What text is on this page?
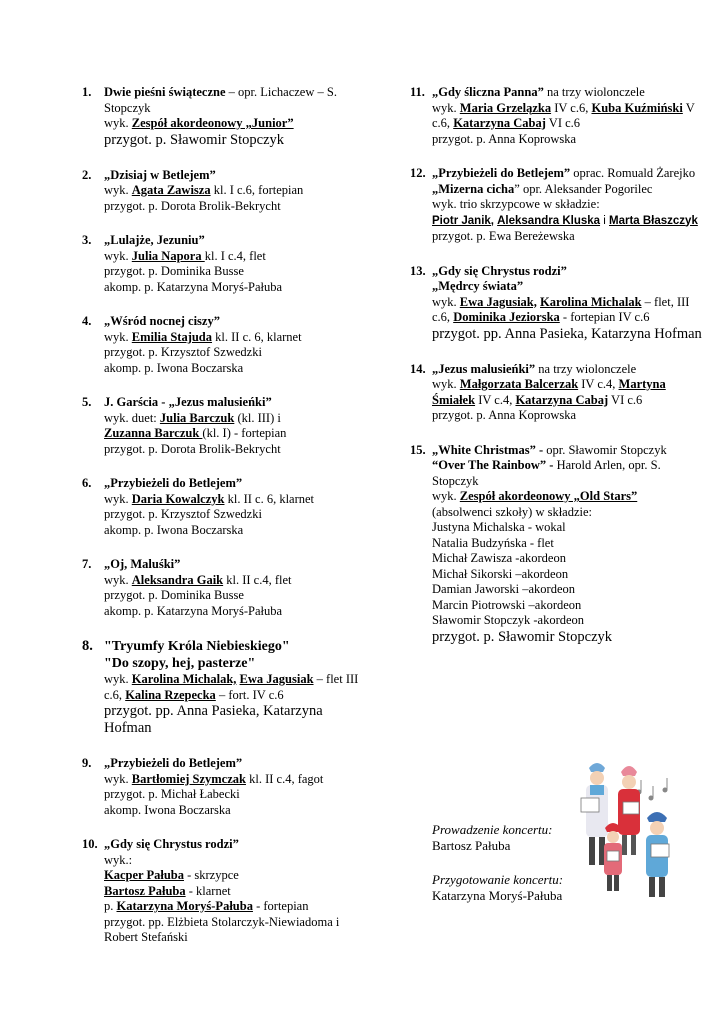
1. Dwie pieśni świąteczne – opr. Lichaczew – S. Stopczyk
wyk. Zespół akordeonowy „Junior”
przygot. p. Sławomir Stopczyk
2. „Dzisiaj w Betlejem”
wyk. Agata Zawisza kl. I c.6, fortepian
przygot. p. Dorota Brolik-Bekrycht
3. „Lulajże, Jezuniu”
wyk. Julia Napora kl. I c.4, flet
przygot. p. Dominika Busse
akomp. p. Katarzyna Moryś-Pałuba
4. „Wśród nocnej ciszy”
wyk. Emilia Stajuda kl. II c. 6, klarnet
przygot. p. Krzysztof Szwedzki
akomp. p. Iwona Boczarska
5. J. Garścia - „Jezus malusieńki”
wyk. duet: Julia Barczuk (kl. III) i
Zuzanna Barczuk (kl. I) - fortepian
przygot. p. Dorota Brolik-Bekrycht
6. „Przybieżeli do Betlejem”
wyk. Daria Kowalczyk kl. II c. 6, klarnet
przygot. p. Krzysztof Szwedzki
akomp. p. Iwona Boczarska
7. „Oj, Maluśki”
wyk. Aleksandra Gaik kl. II c.4, flet
przygot. p. Dominika Busse
akomp. p. Katarzyna Moryś-Pałuba
8. "Tryumfy Króla Niebieskiego"
"Do szopy, hej, pasterze"
wyk. Karolina Michalak, Ewa Jagusiak – flet III c.6, Kalina Rzepecka – fort. IV c.6
przygot. pp. Anna Pasieka, Katarzyna Hofman
9. „Przybieżeli do Betlejem”
wyk. Bartłomiej Szymczak kl. II c.4, fagot
przygot. p. Michał Łabecki
akomp. Iwona Boczarska
10. „Gdy się Chrystus rodzi”
wyk.:
Kacper Pałuba - skrzypce
Bartosz Pałuba - klarnet
p. Katarzyna Moryś-Pałuba - fortepian
przygot. pp. Elżbieta Stolarczyk-Niewiadoma i Robert Stefański
11. „Gdy śliczna Panna” na trzy wiolonczele
wyk. Maria Grzelązka IV c.6, Kuba Kuźmiński V c.6, Katarzyna Cabaj VI c.6
przygot. p. Anna Koprowska
12. „Przybieżeli do Betlejem” oprac. Romuald Żarejko
„Mizerna cicha” opr. Aleksander Pogorilec
wyk. trio skrzypcowe w składzie:
Piotr Janik, Aleksandra Kluska i Marta Błaszczyk
przygot. p. Ewa Bereżewska
13. „Gdy się Chrystus rodzi”
„Mędrcy świata”
wyk. Ewa Jagusiak, Karolina Michalak – flet, III c.6, Dominika Jeziorska - fortepian IV c.6
przygot. pp. Anna Pasieka, Katarzyna Hofman
14. „Jezus malusieńki” na trzy wiolonczele
wyk. Małgorzata Balcerzak IV c.4, Martyna Śmiałek IV c.4, Katarzyna Cabaj VI c.6
przygot. p. Anna Koprowska
15. „White Christmas” - opr. Sławomir Stopczyk
“Over The Rainbow” - Harold Arlen, opr. S. Stopczyk
wyk. Zespół akordeonowy „Old Stars”
(absolwenci szkoły) w składzie:
Justyna Michalska - wokal
Natalia Budzyńska - flet
Michał Zawisza -akordeon
Michał Sikorski –akordeon
Damian Jaworski –akordeon
Marcin Piotrowski –akordeon
Sławomir Stopczyk -akordeon
przygot. p. Sławomir Stopczyk
Prowadzenie koncertu:
Bartosz Pałuba
Przygotowanie koncertu:
Katarzyna Moryś-Pałuba
